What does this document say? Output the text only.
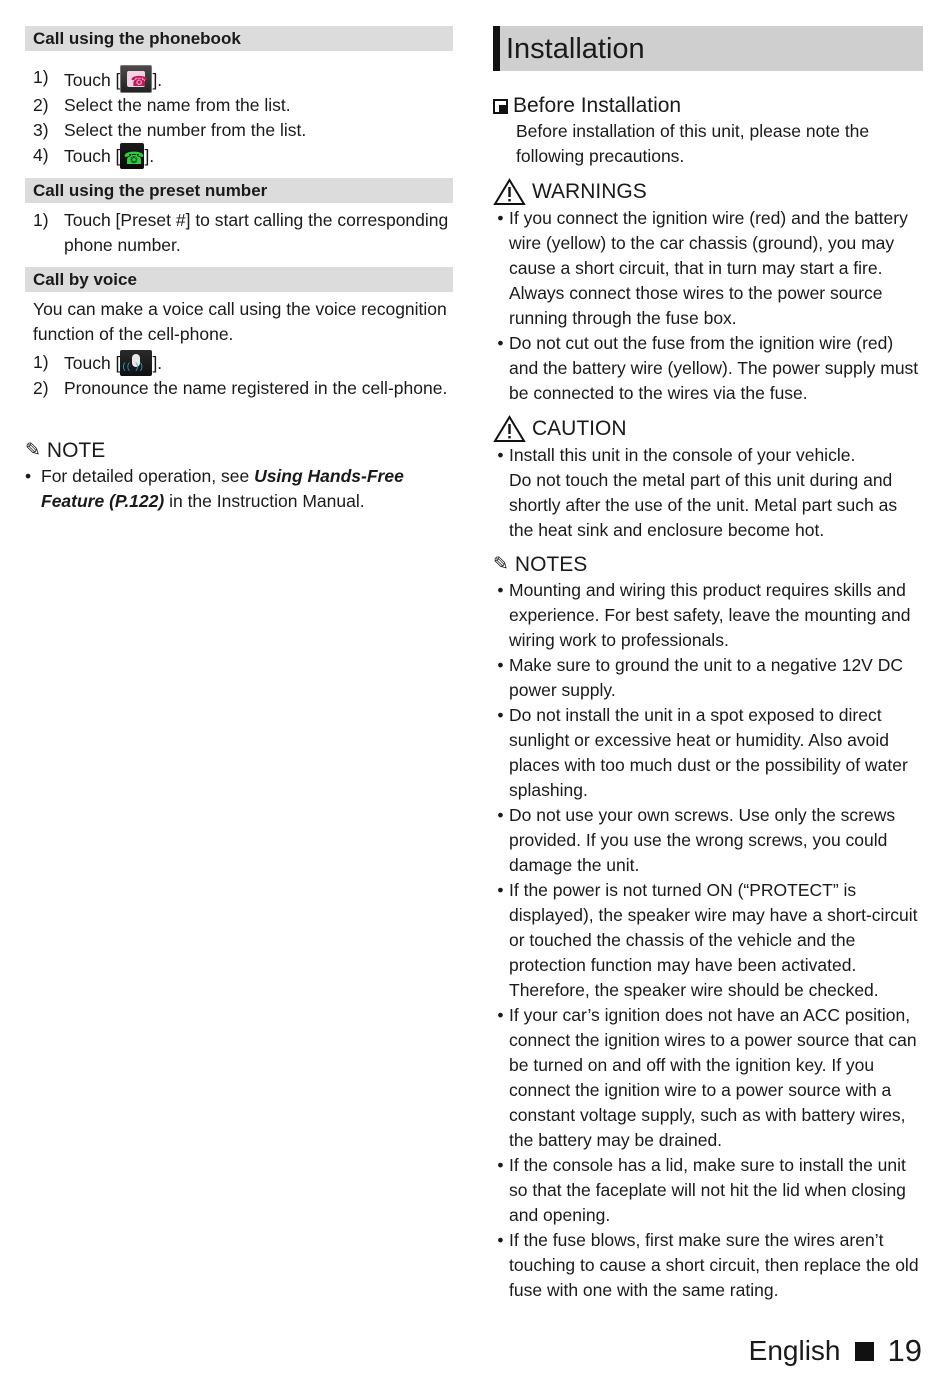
Call using the phonebook
1) Touch [ ☎ ].
2) Select the name from the list.
3) Select the number from the list.
4) Touch [ ☎ ].
Call using the preset number
1) Touch [Preset #] to start calling the corresponding phone number.
Call by voice
You can make a voice call using the voice recognition function of the cell-phone.
1) Touch [ ( ( ) ) ].
2) Pronounce the name registered in the cell-phone.
✎ NOTE
• For detailed operation, see Using Hands-Free Feature (P.122) in the Instruction Manual.
Installation
Before Installation
Before installation of this unit, please note the following precautions.
WARNINGS
• If you connect the ignition wire (red) and the battery wire (yellow) to the car chassis (ground), you may cause a short circuit, that in turn may start a fire. Always connect those wires to the power source running through the fuse box.
• Do not cut out the fuse from the ignition wire (red) and the battery wire (yellow). The power supply must be connected to the wires via the fuse.
CAUTION
• Install this unit in the console of your vehicle.
Do not touch the metal part of this unit during and shortly after the use of the unit. Metal part such as the heat sink and enclosure become hot.
✎ NOTES
• Mounting and wiring this product requires skills and experience. For best safety, leave the mounting and wiring work to professionals.
• Make sure to ground the unit to a negative 12V DC power supply.
• Do not install the unit in a spot exposed to direct sunlight or excessive heat or humidity. Also avoid places with too much dust or the possibility of water splashing.
• Do not use your own screws. Use only the screws provided. If you use the wrong screws, you could damage the unit.
• If the power is not turned ON (“PROTECT” is displayed), the speaker wire may have a short-circuit or touched the chassis of the vehicle and the protection function may have been activated. Therefore, the speaker wire should be checked.
• If your car’s ignition does not have an ACC position, connect the ignition wires to a power source that can be turned on and off with the ignition key. If you connect the ignition wire to a power source with a constant voltage supply, such as with battery wires, the battery may be drained.
• If the console has a lid, make sure to install the unit so that the faceplate will not hit the lid when closing and opening.
• If the fuse blows, first make sure the wires aren’t touching to cause a short circuit, then replace the old fuse with one with the same rating.
English 19
